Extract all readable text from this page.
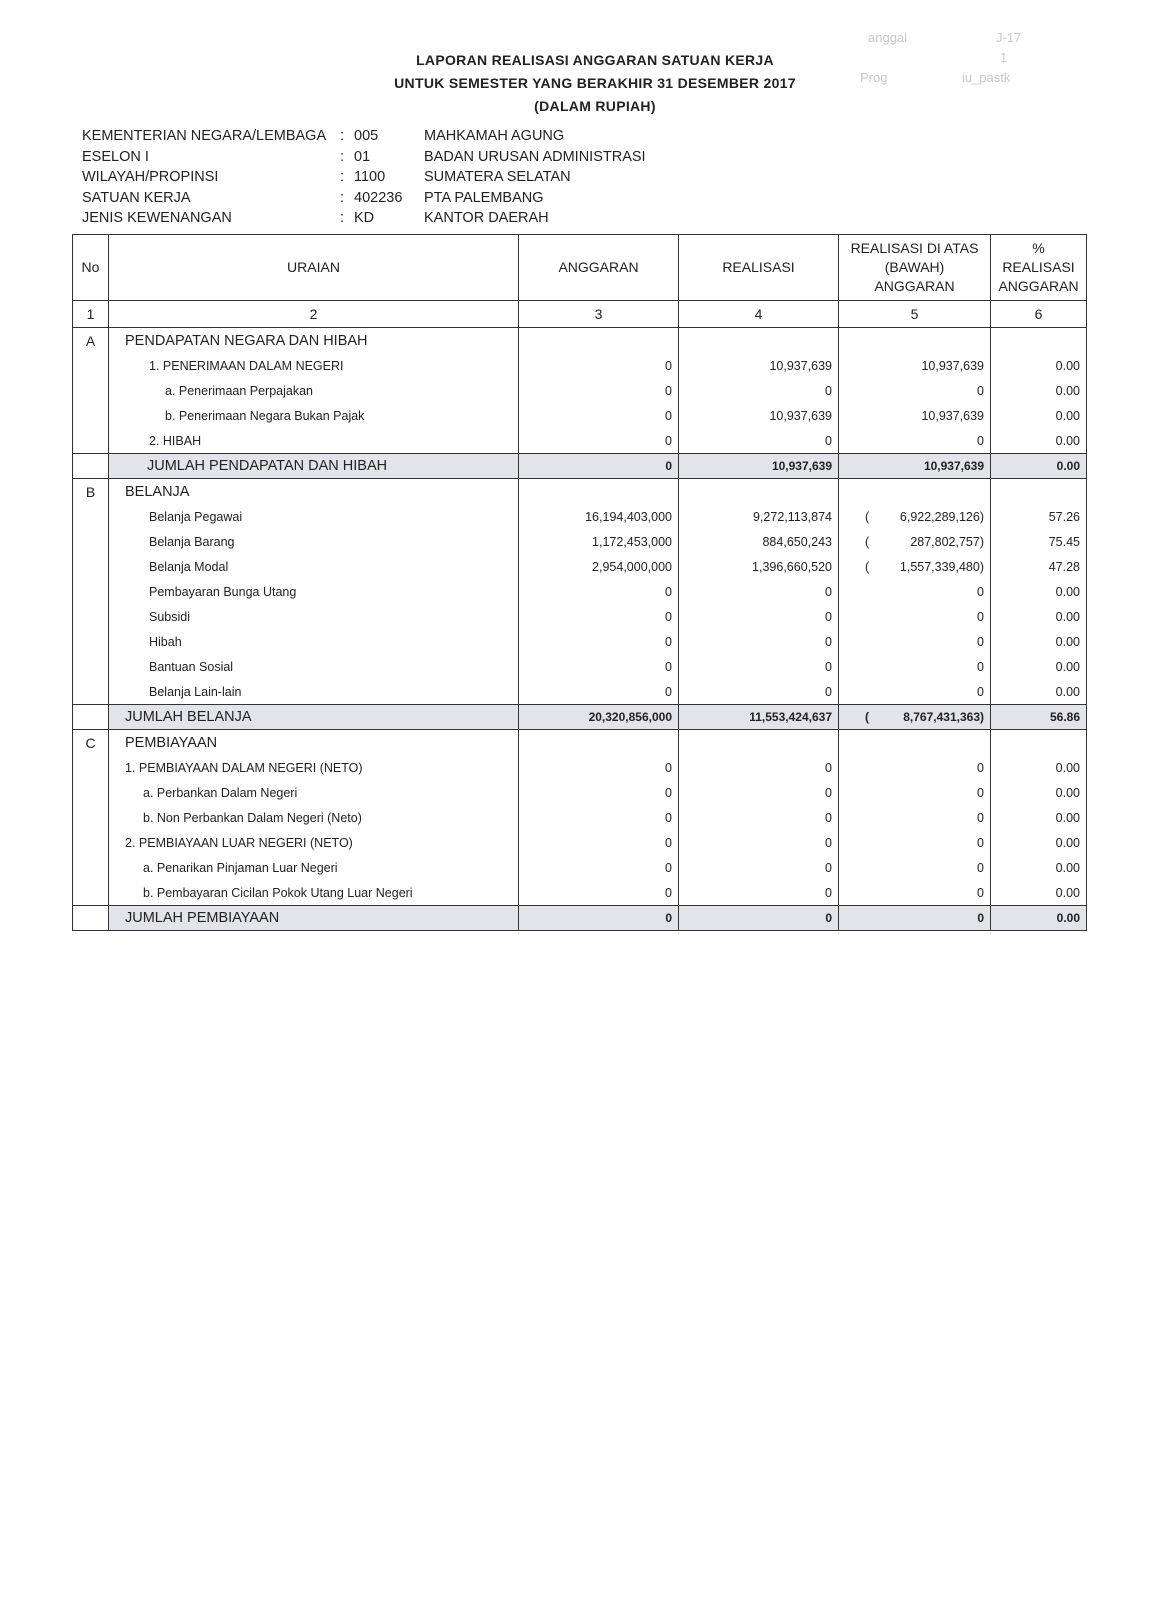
anggal	J-17
1
Prog	iu_pastk
LAPORAN REALISASI ANGGARAN SATUAN KERJA
UNTUK SEMESTER YANG BERAKHIR 31 DESEMBER 2017
(DALAM RUPIAH)
KEMENTERIAN NEGARA/LEMBAGA : 005	MAHKAMAH AGUNG
ESELON I	: 01	BADAN URUSAN ADMINISTRASI
WILAYAH/PROPINSI	: 1100	SUMATERA SELATAN
SATUAN KERJA	: 402236 PTA PALEMBANG
JENIS KEWENANGAN	: KD	KANTOR DAERAH
No	URAIAN	ANGGARAN	REALISASI	REALISASI DI ATAS (BAWAH) ANGGARAN	% REALISASI ANGGARAN
1	2	3	4	5	6
A	PENDAPATAN NEGARA DAN HIBAH				
	1. PENERIMAAN DALAM NEGERI	0	10,937,639	10,937,639	0.00
	a. Penerimaan Perpajakan	0	0	0	0.00
	b. Penerimaan Negara Bukan Pajak	0	10,937,639	10,937,639	0.00
	2. HIBAH	0	0	0	0.00
	JUMLAH PENDAPATAN DAN HIBAH	0	10,937,639	10,937,639	0.00
B	BELANJA				
	Belanja Pegawai	16,194,403,000	9,272,113,874	( 6,922,289,126)	57.26
	Belanja Barang	1,172,453,000	884,650,243	( 287,802,757)	75.45
	Belanja Modal	2,954,000,000	1,396,660,520	( 1,557,339,480)	47.28
	Pembayaran Bunga Utang	0	0	0	0.00
	Subsidi	0	0	0	0.00
	Hibah	0	0	0	0.00
	Bantuan Sosial	0	0	0	0.00
	Belanja Lain-lain	0	0	0	0.00
	JUMLAH BELANJA	20,320,856,000	11,553,424,637	( 8,767,431,363)	56.86
C	PEMBIAYAAN				
	1. PEMBIAYAAN DALAM NEGERI (NETO)	0	0	0	0.00
	a. Perbankan Dalam Negeri	0	0	0	0.00
	b. Non Perbankan Dalam Negeri (Neto)	0	0	0	0.00
	2. PEMBIAYAAN LUAR NEGERI (NETO)	0	0	0	0.00
	a. Penarikan Pinjaman Luar Negeri	0	0	0	0.00
	b. Pembayaran Cicilan Pokok Utang Luar Negeri	0	0	0	0.00
	JUMLAH PEMBIAYAAN	0	0	0	0.00
